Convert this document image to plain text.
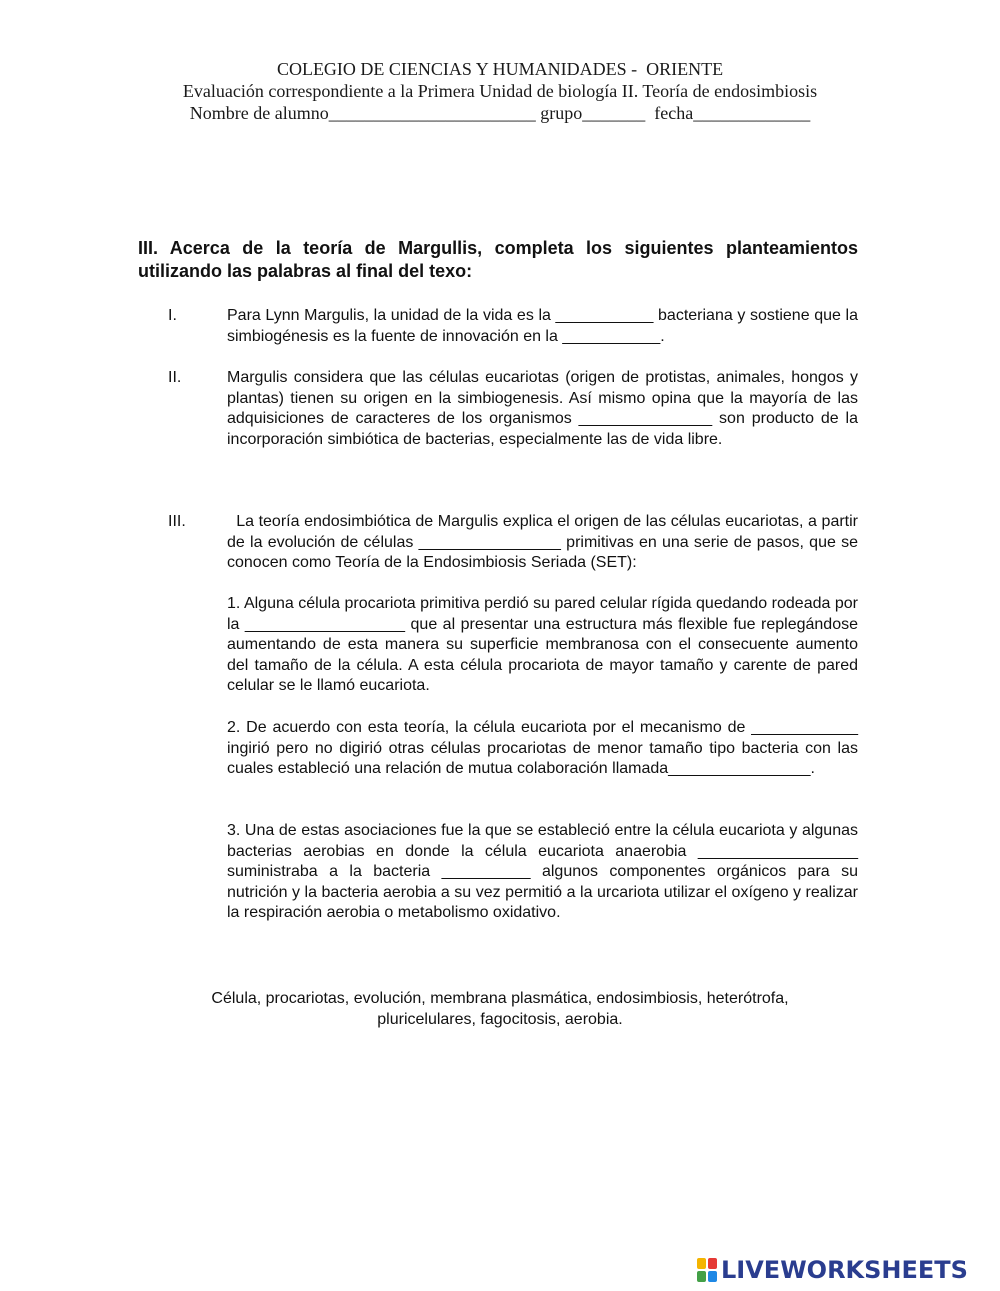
COLEGIO DE CIENCIAS Y HUMANIDADES -  ORIENTE
Evaluación correspondiente a la Primera Unidad de biología II. Teoría de endosimbiosis
Nombre de alumno_______________________ grupo_______  fecha_____________
III. Acerca de la teoría de Margullis, completa los siguientes planteamientos utilizando las palabras al final del texo:
I.	Para Lynn Margulis, la unidad de la vida es la ___________ bacteriana y sostiene que la simbiogénesis es la fuente de innovación en la ___________.
II.	Margulis considera que las células eucariotas (origen de protistas, animales, hongos y plantas) tienen su origen en la simbiogenesis. Así mismo opina que la mayoría de las adquisiciones de caracteres de los organismos _______________ son producto de la incorporación simbiótica de bacterias, especialmente las de vida libre.
III.	La teoría endosimbiótica de Margulis explica el origen de las células eucariotas, a partir de la evolución de células ________________ primitivas en una serie de pasos, que se conocen como Teoría de la Endosimbiosis Seriada (SET):
1. Alguna célula procariota primitiva perdió su pared celular rígida quedando rodeada por la __________________ que al presentar una estructura más flexible fue replegándose aumentando de esta manera su superficie membranosa con el consecuente aumento del tamaño de la célula. A esta célula procariota de mayor tamaño y carente de pared celular se le llamó eucariota.
2. De acuerdo con esta teoría, la célula eucariota por el mecanismo de ____________ ingirió pero no digirió otras células procariotas de menor tamaño tipo bacteria con las cuales estableció una relación de mutua colaboración llamada________________.
3. Una de estas asociaciones fue la que se estableció entre la célula eucariota y algunas bacterias aerobias en donde la célula eucariota anaerobia __________________ suministraba a la bacteria __________ algunos componentes orgánicos para su nutrición y la bacteria aerobia a su vez permitió a la urcariota utilizar el oxígeno y realizar la respiración aerobia o metabolismo oxidativo.
Célula, procariotas, evolución, membrana plasmática, endosimbiosis, heterótrofa,
pluricelulares, fagocitosis, aerobia.
LIVEWORKSHEETS
